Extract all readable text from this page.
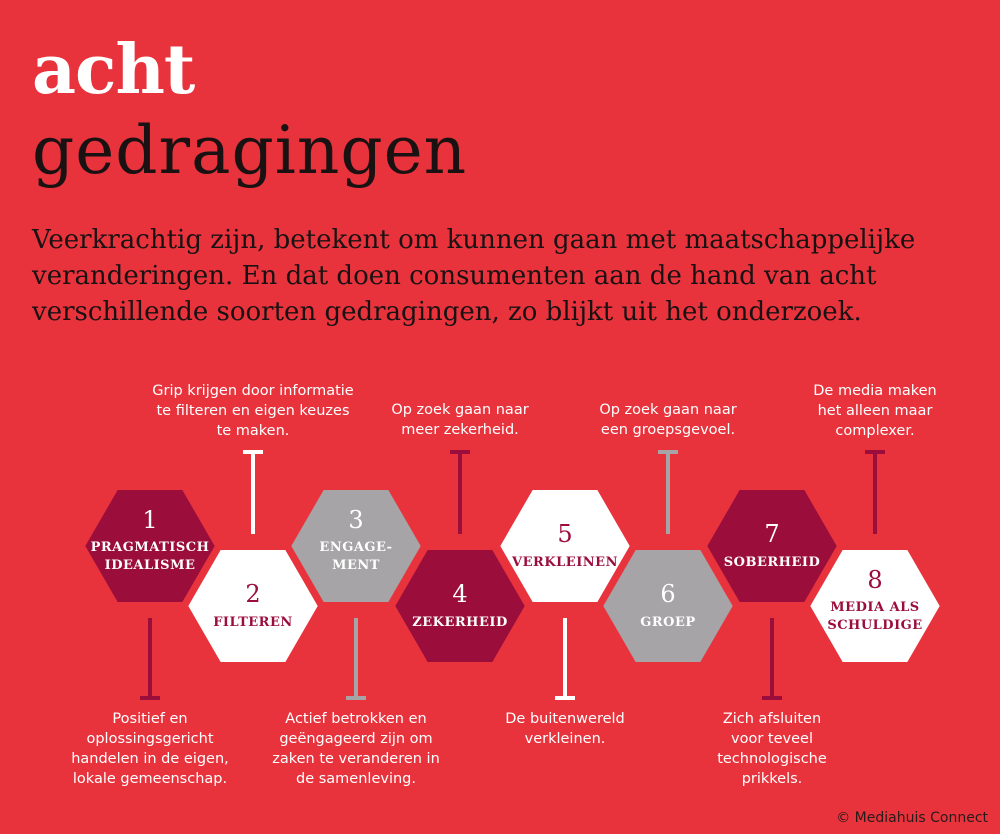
acht
gedragingen

Veerkrachtig zijn, betekent om kunnen gaan met maatschappelijke
veranderingen. En dat doen consumenten aan de hand van acht
verschillende soorten gedragingen, zo blijkt uit het onderzoek.

1
PRAGMATISCH
IDEALISME
Positief en
oplossingsgericht
handelen in de eigen,
lokale gemeenschap.
2
FILTEREN
Grip krijgen door informatie
te filteren en eigen keuzes
te maken.
3
ENGAGE-
MENT
Actief betrokken en
geëngageerd zijn om
zaken te veranderen in
de samenleving.
4
ZEKERHEID
Op zoek gaan naar
meer zekerheid.
5
VERKLEINEN
De buitenwereld
verkleinen.
6
GROEP
Op zoek gaan naar
een groepsgevoel.
7
SOBERHEID
Zich afsluiten
voor teveel
technologische
prikkels.
8
MEDIA ALS
SCHULDIGE
De media maken
het alleen maar
complexer.
© Mediahuis Connect
